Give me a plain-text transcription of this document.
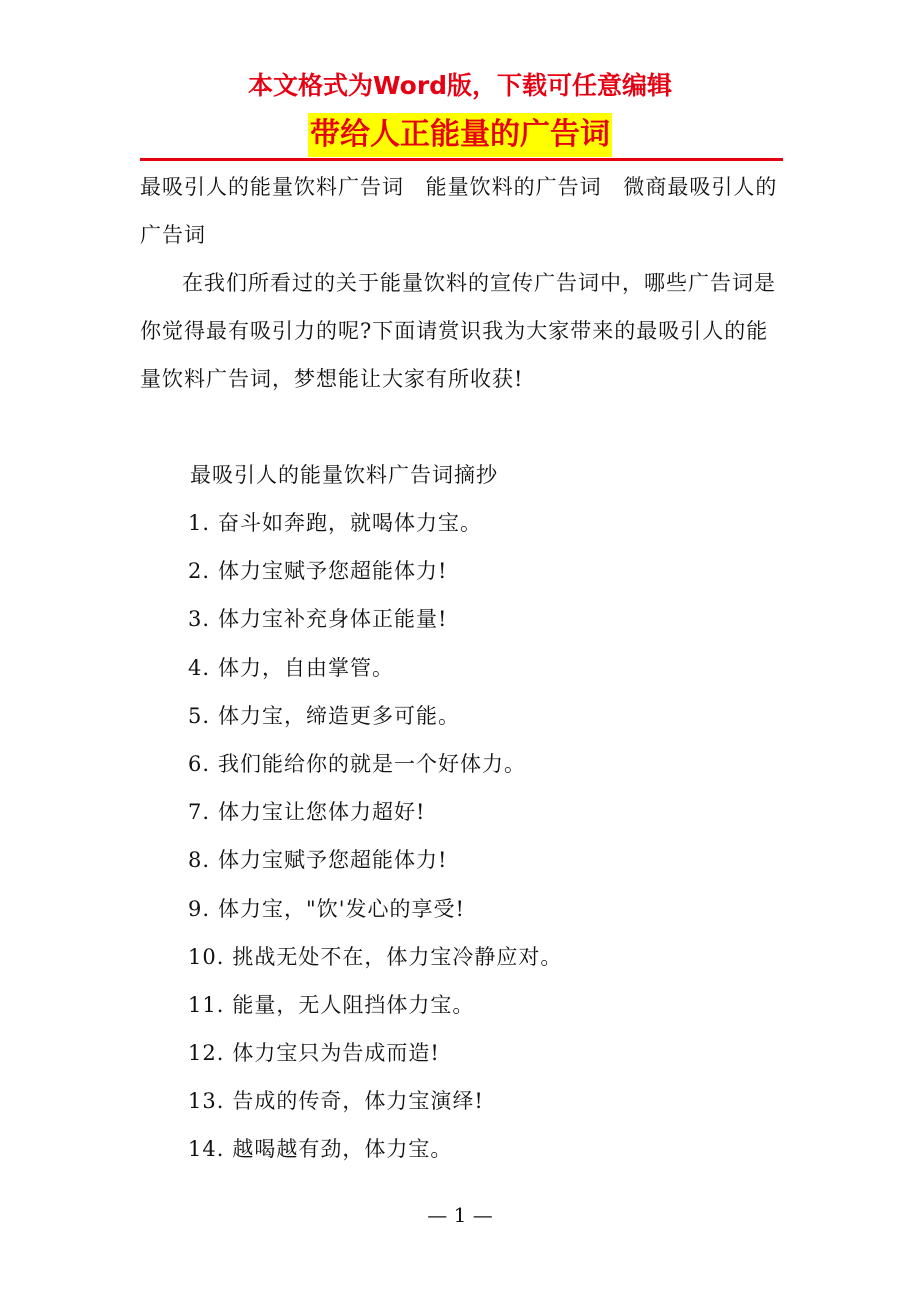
本文格式为Word版，下载可任意编辑
带给人正能量的广告词

最吸引人的能量饮料广告词 能量饮料的广告词 微商最吸引人的广告词

在我们所看过的关于能量饮料的宣传广告词中，哪些广告词是你觉得最有吸引力的呢?下面请赏识我为大家带来的最吸引人的能量饮料广告词，梦想能让大家有所收获!

最吸引人的能量饮料广告词摘抄

1. 奋斗如奔跑，就喝体力宝。
2. 体力宝赋予您超能体力!
3. 体力宝补充身体正能量!
4. 体力，自由掌管。
5. 体力宝，缔造更多可能。
6. 我们能给你的就是一个好体力。
7. 体力宝让您体力超好!
8. 体力宝赋予您超能体力!
9. 体力宝，"饮'发心的享受!
10. 挑战无处不在，体力宝冷静应对。
11. 能量，无人阻挡体力宝。
12. 体力宝只为告成而造!
13. 告成的传奇，体力宝演绎!
14. 越喝越有劲，体力宝。
— 1 —
